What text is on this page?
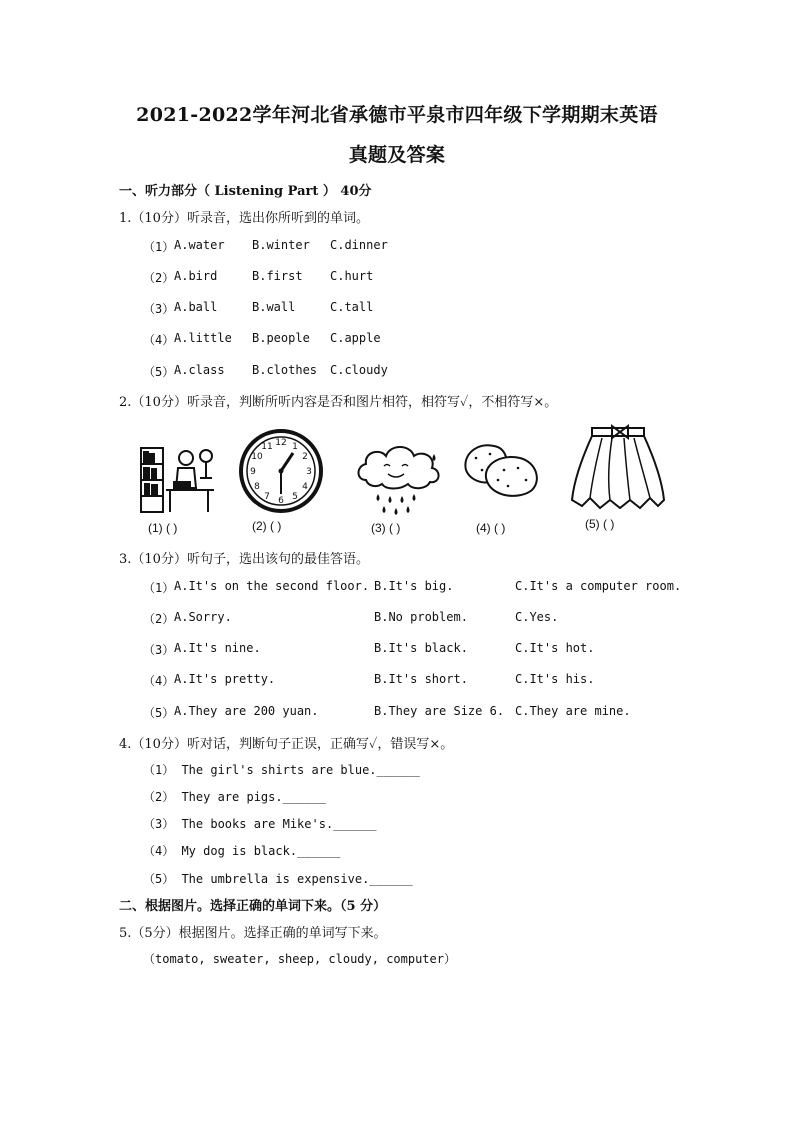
2021-2022学年河北省承德市平泉市四年级下学期期末英语
真题及答案
一、听力部分（ Listening Part ） 40分
1.（10分）听录音，选出你所听到的单词。
（1） A.water B.winter C.dinner
（2） A.bird	B.first C.hurt
（3） A.ball	B.wall	C.tall
（4） A.little B.people C.apple
（5） A.class B.clothes C.cloudy
2.（10分）听录音，判断所听内容是否和图片相符，相符写✓，不相符写×。
(1) ( )
12 1
2
3
4
5
6
7
8
9
10
11
(2) ( )	(3) ( )	(4) ( )	(5) ( )
3.（10分）听句子，选出该句的最佳答语。
（1） A.It's on the second floor. B.It's big.	C.It's a computer room.
（2） A.Sorry.	B.No problem.	C.Yes.
（3） A.It's nine.	B.It's black.	C.It's hot.
（4） A.It's pretty.	B.It's short.	C.It's his.
（5） A.They are 200 yuan.	B.They are Size 6. C.They are mine.
4.（10分）听对话，判断句子正误，正确写✓，错误写×。
（1） The girl's shirts are blue.______
（2） They are pigs.______
（3） The books are Mike's.______
（4） My dog is black.______
（5） The umbrella is expensive.______
二、根据图片。选择正确的单词下来。（5 分）
5.（5分）根据图片。选择正确的单词写下来。
（tomato, sweater, sheep, cloudy, computer）
